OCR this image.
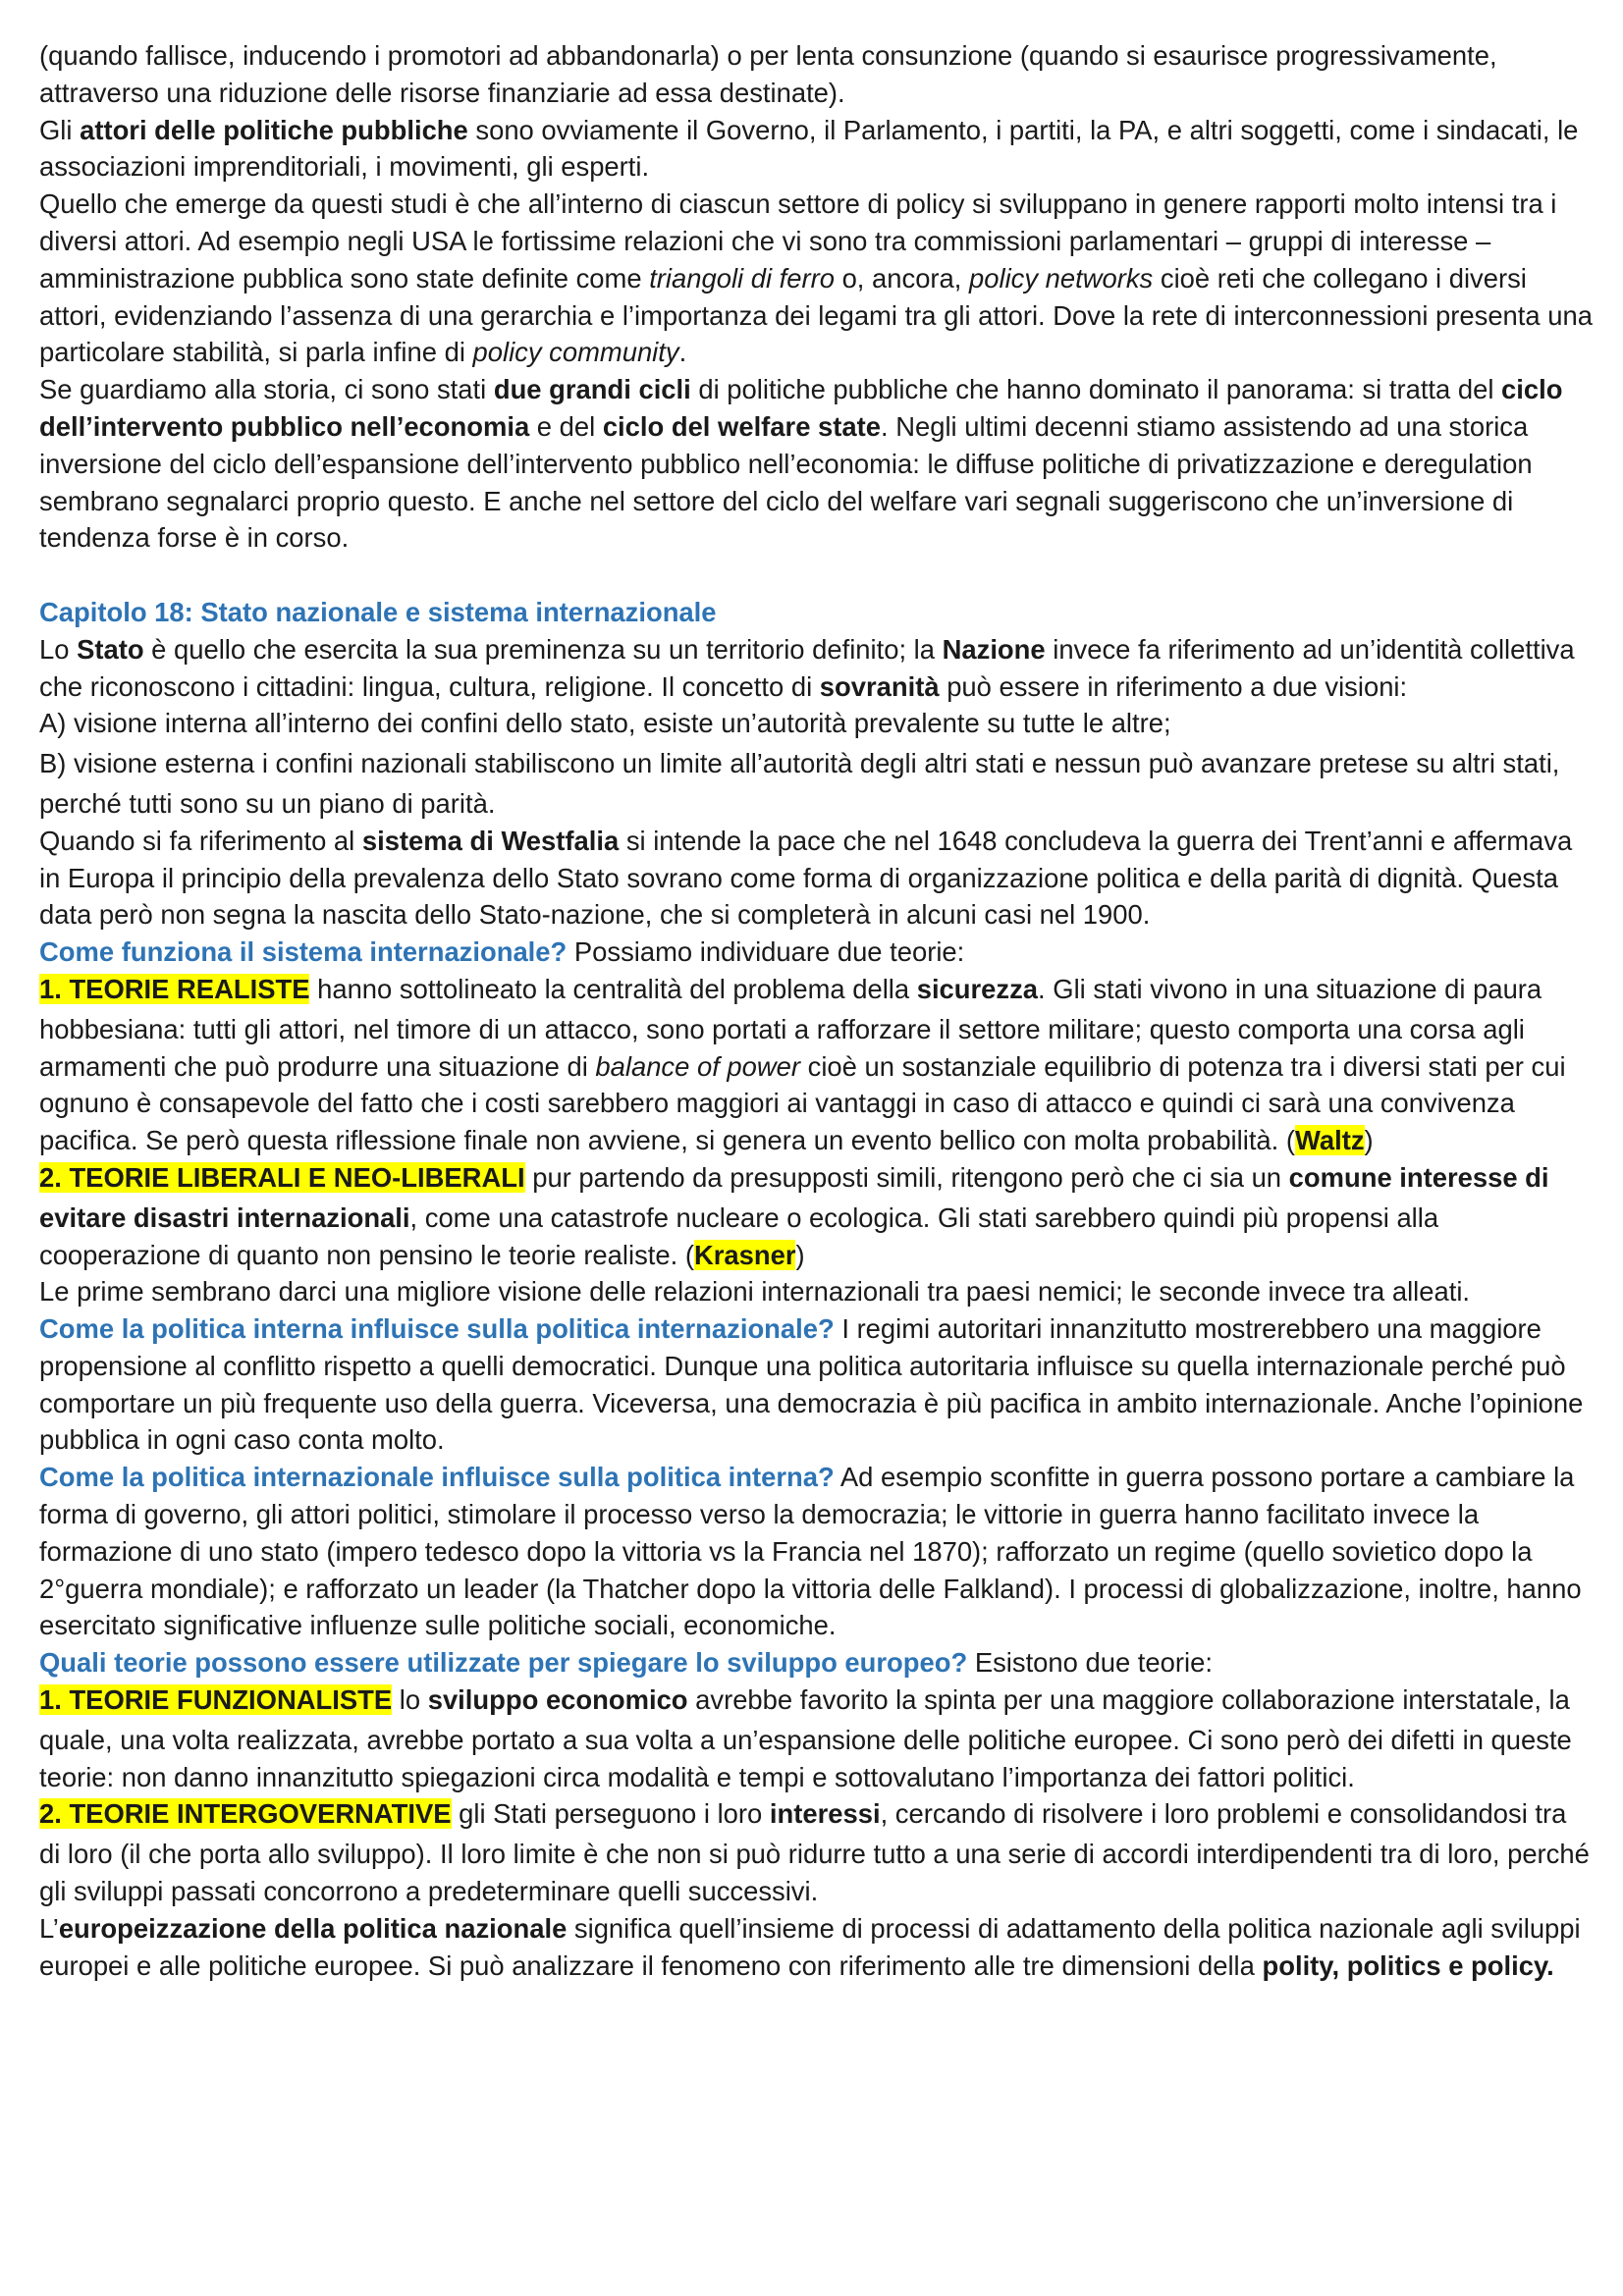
(quando fallisce, inducendo i promotori ad abbandonarla) o per lenta consunzione (quando si esaurisce progressivamente, attraverso una riduzione delle risorse finanziarie ad essa destinate).

Gli attori delle politiche pubbliche sono ovviamente il Governo, il Parlamento, i partiti, la PA, e altri soggetti, come i sindacati, le associazioni imprenditoriali, i movimenti, gli esperti.

Quello che emerge da questi studi è che all’interno di ciascun settore di policy si sviluppano in genere rapporti molto intensi tra i diversi attori. Ad esempio negli USA le fortissime relazioni che vi sono tra commissioni parlamentari – gruppi di interesse – amministrazione pubblica sono state definite come triangoli di ferro o, ancora, policy networks cioè reti che collegano i diversi attori, evidenziando l’assenza di una gerarchia e l’importanza dei legami tra gli attori. Dove la rete di interconnessioni presenta una particolare stabilità, si parla infine di policy community.

Se guardiamo alla storia, ci sono stati due grandi cicli di politiche pubbliche che hanno dominato il panorama: si tratta del ciclo dell’intervento pubblico nell’economia e del ciclo del welfare state. Negli ultimi decenni stiamo assistendo ad una storica inversione del ciclo dell’espansione dell’intervento pubblico nell’economia: le diffuse politiche di privatizzazione e deregulation sembrano segnalarci proprio questo. E anche nel settore del ciclo del welfare vari segnali suggeriscono che un’inversione di tendenza forse è in corso.

Capitolo 18: Stato nazionale e sistema internazionale

Lo Stato è quello che esercita la sua preminenza su un territorio definito; la Nazione invece fa riferimento ad un’identità collettiva che riconoscono i cittadini: lingua, cultura, religione. Il concetto di sovranità può essere in riferimento a due visioni:

A) visione interna all’interno dei confini dello stato, esiste un’autorità prevalente su tutte le altre;

B) visione esterna i confini nazionali stabiliscono un limite all’autorità degli altri stati e nessun può avanzare pretese su altri stati, perché tutti sono su un piano di parità.

Quando si fa riferimento al sistema di Westfalia si intende la pace che nel 1648 concludeva la guerra dei Trent’anni e affermava in Europa il principio della prevalenza dello Stato sovrano come forma di organizzazione politica e della parità di dignità. Questa data però non segna la nascita dello Stato-nazione, che si completerà in alcuni casi nel 1900.

Come funziona il sistema internazionale? Possiamo individuare due teorie:

1. TEORIE REALISTE hanno sottolineato la centralità del problema della sicurezza. Gli stati vivono in una situazione di paura hobbesiana: tutti gli attori, nel timore di un attacco, sono portati a rafforzare il settore militare; questo comporta una corsa agli armamenti che può produrre una situazione di balance of power cioè un sostanziale equilibrio di potenza tra i diversi stati per cui ognuno è consapevole del fatto che i costi sarebbero maggiori ai vantaggi in caso di attacco e quindi ci sarà una convivenza pacifica. Se però questa riflessione finale non avviene, si genera un evento bellico con molta probabilità. (Waltz)

2. TEORIE LIBERALI E NEO-LIBERALI pur partendo da presupposti simili, ritengono però che ci sia un comune interesse di evitare disastri internazionali, come una catastrofe nucleare o ecologica. Gli stati sarebbero quindi più propensi alla cooperazione di quanto non pensino le teorie realiste. (Krasner)

Le prime sembrano darci una migliore visione delle relazioni internazionali tra paesi nemici; le seconde invece tra alleati.

Come la politica interna influisce sulla politica internazionale? I regimi autoritari innanzitutto mostrerebbero una maggiore propensione al conflitto rispetto a quelli democratici. Dunque una politica autoritaria influisce su quella internazionale perché può comportare un più frequente uso della guerra. Viceversa, una democrazia è più pacifica in ambito internazionale. Anche l’opinione pubblica in ogni caso conta molto.

Come la politica internazionale influisce sulla politica interna? Ad esempio sconfitte in guerra possono portare a cambiare la forma di governo, gli attori politici, stimolare il processo verso la democrazia; le vittorie in guerra hanno facilitato invece la formazione di uno stato (impero tedesco dopo la vittoria vs la Francia nel 1870); rafforzato un regime (quello sovietico dopo la 2°guerra mondiale); e rafforzato un leader (la Thatcher dopo la vittoria delle Falkland). I processi di globalizzazione, inoltre, hanno esercitato significative influenze sulle politiche sociali, economiche.

Quali teorie possono essere utilizzate per spiegare lo sviluppo europeo? Esistono due teorie:

1. TEORIE FUNZIONALISTE lo sviluppo economico avrebbe favorito la spinta per una maggiore collaborazione interstatale, la quale, una volta realizzata, avrebbe portato a sua volta a un’espansione delle politiche europee. Ci sono però dei difetti in queste teorie: non danno innanzitutto spiegazioni circa modalità e tempi e sottovalutano l’importanza dei fattori politici.

2. TEORIE INTERGOVERNATIVE gli Stati perseguono i loro interessi, cercando di risolvere i loro problemi e consolidandosi tra di loro (il che porta allo sviluppo). Il loro limite è che non si può ridurre tutto a una serie di accordi interdipendenti tra di loro, perché gli sviluppi passati concorrono a predeterminare quelli successivi.

L’europeizzazione della politica nazionale significa quell’insieme di processi di adattamento della politica nazionale agli sviluppi europei e alle politiche europee. Si può analizzare il fenomeno con riferimento alle tre dimensioni della polity, politics e policy.
